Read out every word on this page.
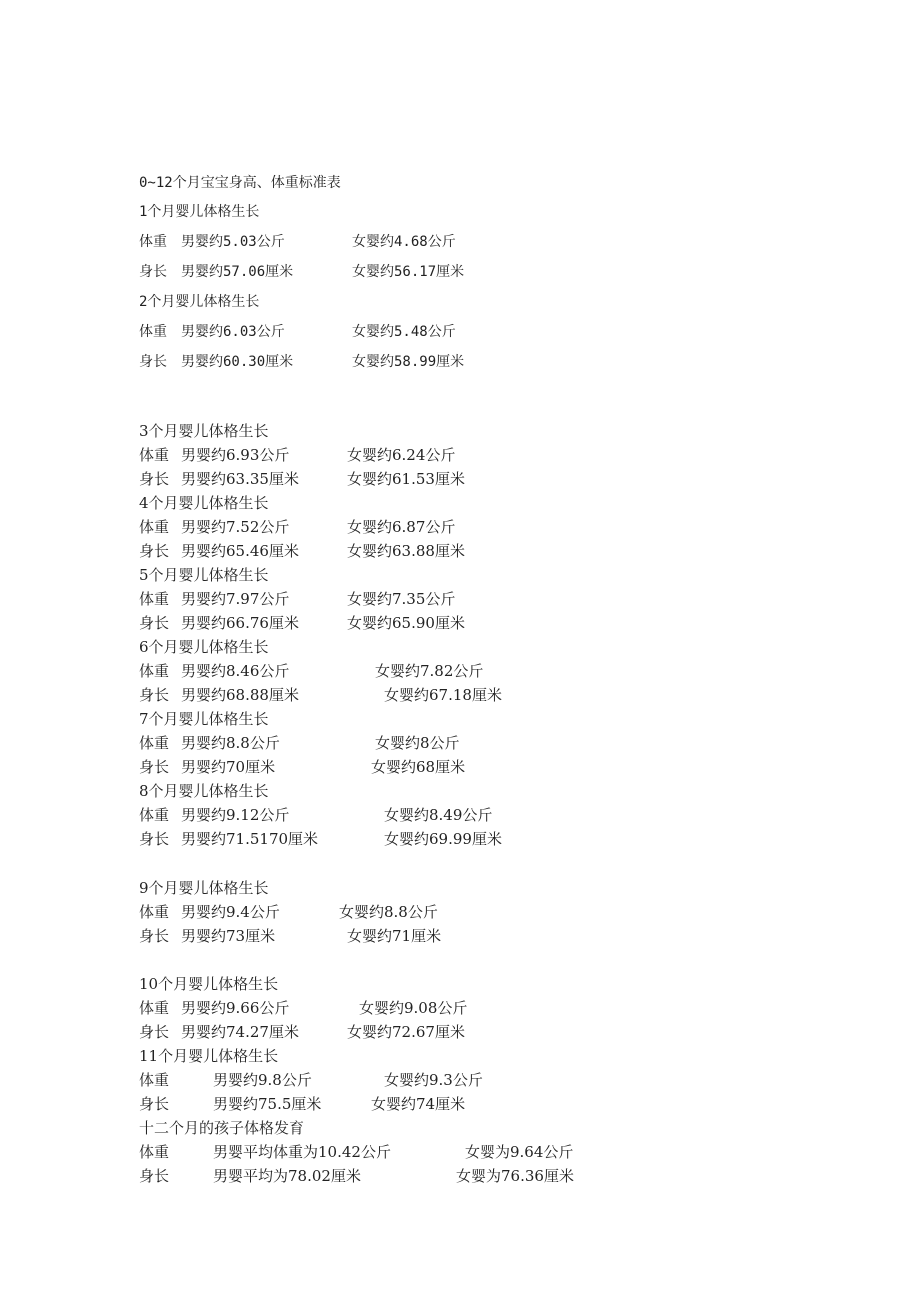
0~12个月宝宝身高、体重标准表
1个月婴儿体格生长
体重 男婴约5.03公斤	女婴约4.68公斤
身长 男婴约57.06厘米	女婴约56.17厘米
2个月婴儿体格生长
体重 男婴约6.03公斤	女婴约5.48公斤
身长 男婴约60.30厘米	女婴约58.99厘米
3个月婴儿体格生长
体重 男婴约6.93公斤	女婴约6.24公斤
身长 男婴约63.35厘米	女婴约61.53厘米
4个月婴儿体格生长
体重 男婴约7.52公斤	女婴约6.87公斤
身长 男婴约65.46厘米	女婴约63.88厘米
5个月婴儿体格生长
体重 男婴约7.97公斤	女婴约7.35公斤
身长 男婴约66.76厘米	女婴约65.90厘米
6个月婴儿体格生长
体重 男婴约8.46公斤	女婴约7.82公斤
身长 男婴约68.88厘米	女婴约67.18厘米
7个月婴儿体格生长
体重 男婴约8.8公斤	女婴约8公斤
身长 男婴约70厘米	女婴约68厘米
8个月婴儿体格生长
体重 男婴约9.12公斤	女婴约8.49公斤
身长 男婴约71.5170厘米	女婴约69.99厘米
9个月婴儿体格生长
体重 男婴约9.4公斤	女婴约8.8公斤
身长 男婴约73厘米	女婴约71厘米
10个月婴儿体格生长
体重 男婴约9.66公斤	女婴约9.08公斤
身长 男婴约74.27厘米	女婴约72.67厘米
11个月婴儿体格生长
体重	男婴约9.8公斤	女婴约9.3公斤
身长	男婴约75.5厘米	女婴约74厘米
十二个月的孩子体格发育
体重	男婴平均体重为10.42公斤	女婴为9.64公斤
身长	男婴平均为78.02厘米	女婴为76.36厘米
